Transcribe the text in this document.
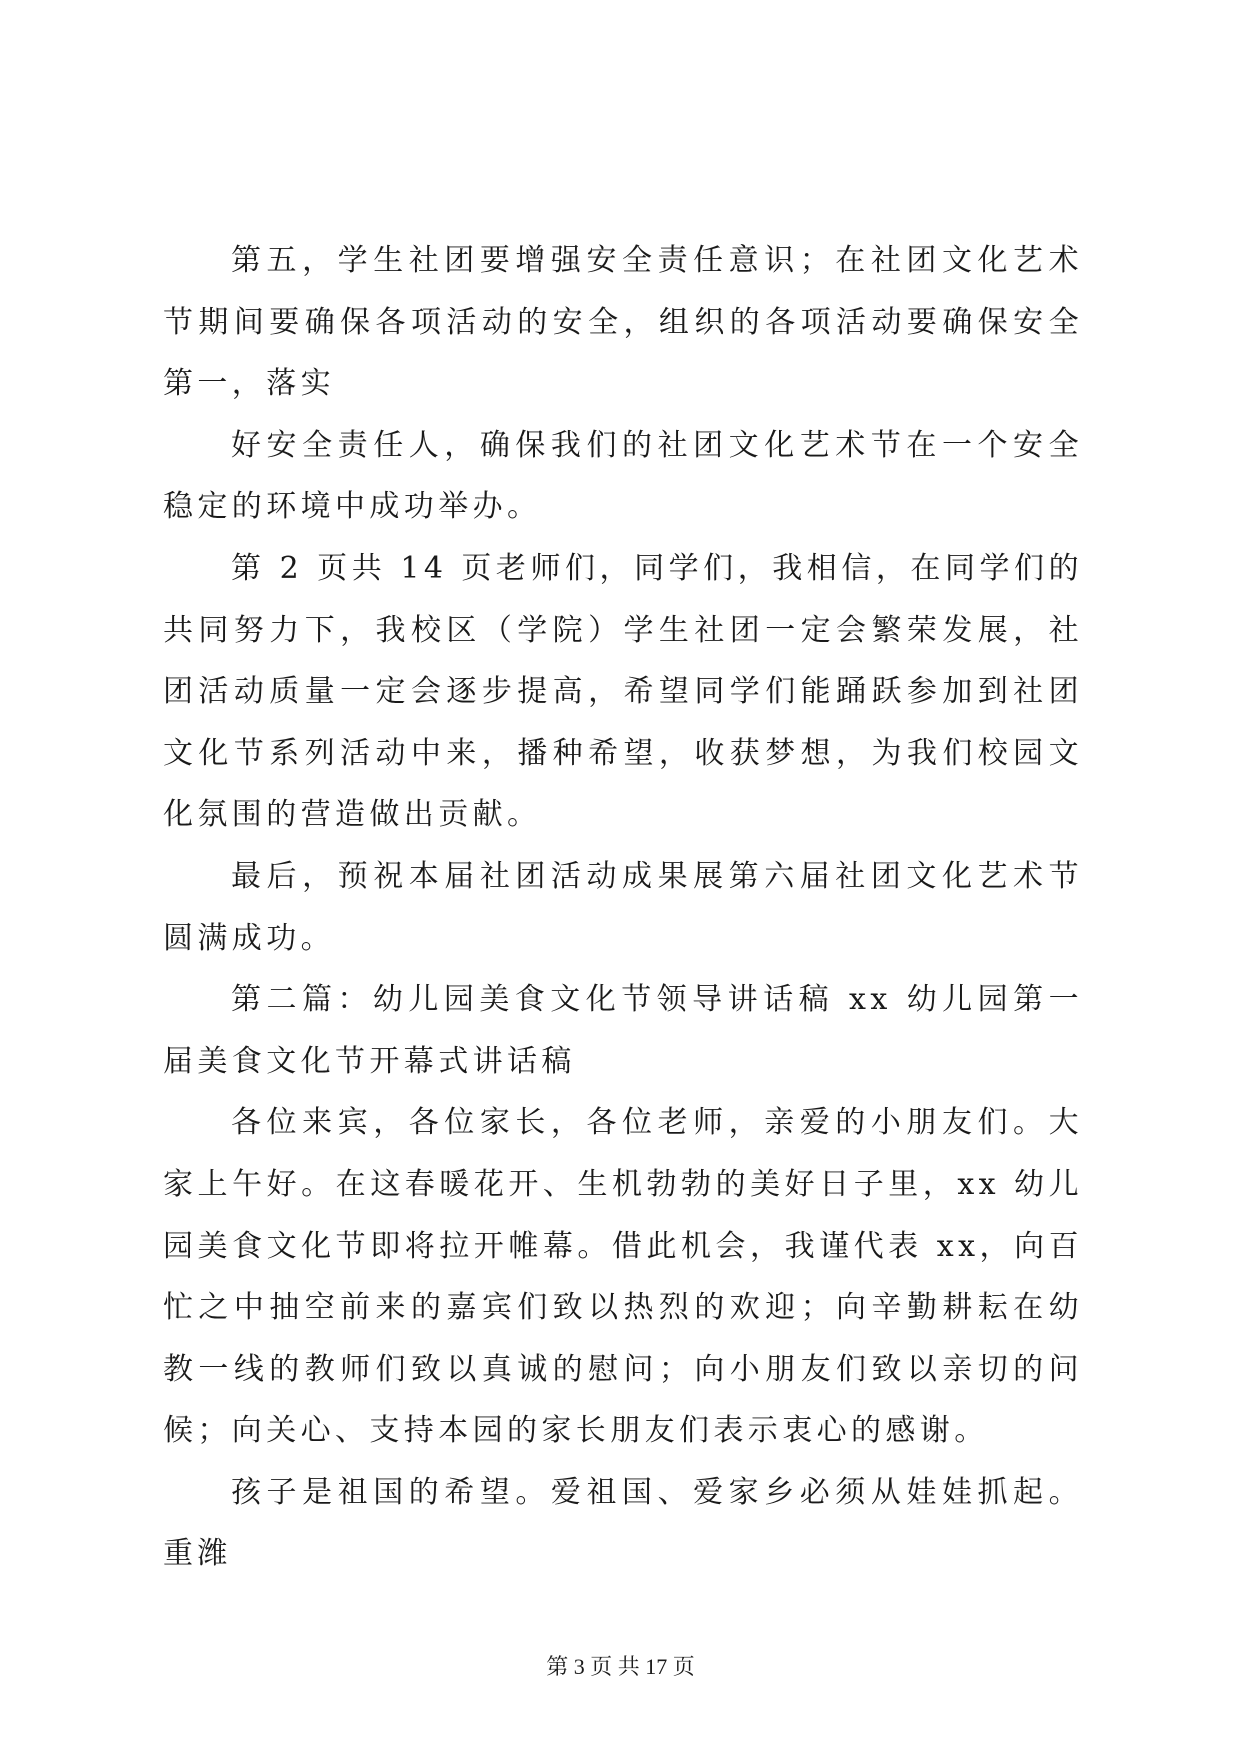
第五，学生社团要增强安全责任意识；在社团文化艺术节期间要确保各项活动的安全，组织的各项活动要确保安全第一，落实

好安全责任人，确保我们的社团文化艺术节在一个安全稳定的环境中成功举办。

第 2 页共 14 页老师们，同学们，我相信，在同学们的共同努力下，我校区（学院）学生社团一定会繁荣发展，社团活动质量一定会逐步提高，希望同学们能踊跃参加到社团文化节系列活动中来，播种希望，收获梦想，为我们校园文化氛围的营造做出贡献。

最后，预祝本届社团活动成果展第六届社团文化艺术节圆满成功。

第二篇：幼儿园美食文化节领导讲话稿 xx 幼儿园第一届美食文化节开幕式讲话稿

各位来宾，各位家长，各位老师，亲爱的小朋友们。大家上午好。在这春暖花开、生机勃勃的美好日子里，xx 幼儿园美食文化节即将拉开帷幕。借此机会，我谨代表 xx，向百忙之中抽空前来的嘉宾们致以热烈的欢迎；向辛勤耕耘在幼教一线的教师们致以真诚的慰问；向小朋友们致以亲切的问候；向关心、支持本园的家长朋友们表示衷心的感谢。

孩子是祖国的希望。爱祖国、爱家乡必须从娃娃抓起。重潍

第 3 页 共 17 页
